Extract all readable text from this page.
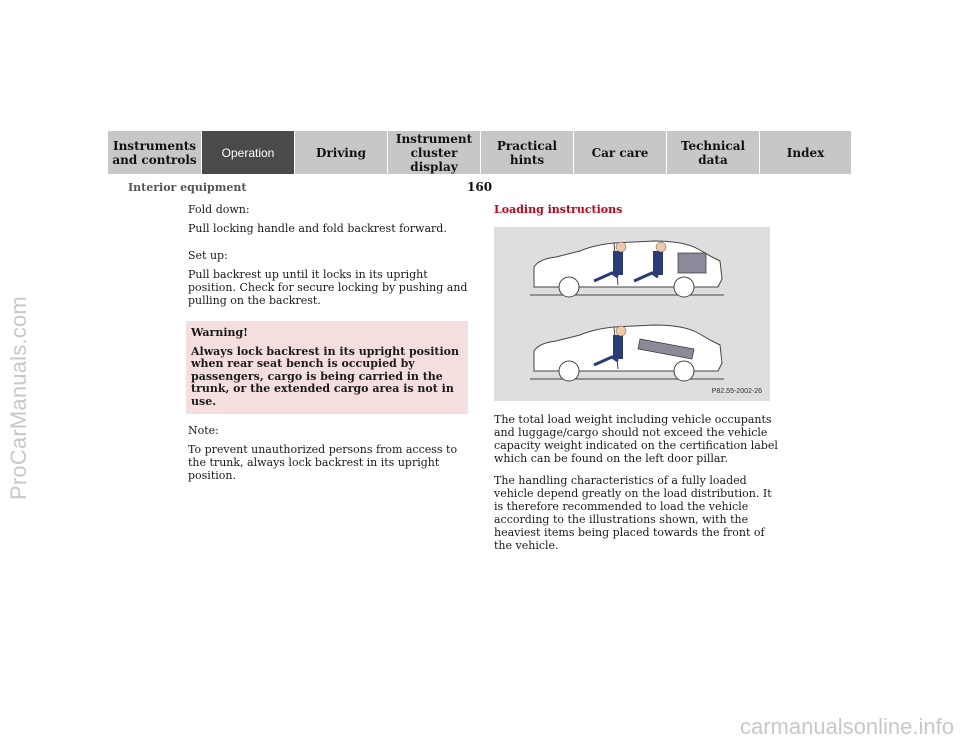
ProCarManuals.com
carmanualsonline.info
Instruments
and controls	Operation	Driving
Instrument
cluster display
Practical hints	Car care	Technical
data	Index
Interior equipment	160

Fold down:

Pull locking handle and fold backrest forward.

Set up:

Pull backrest up until it locks in its upright position. Check for secure locking by pushing and pulling on the backrest.

Warning!
Always lock backrest in its upright position when rear seat bench is occupied by passengers, cargo is being carried in the trunk, or the extended cargo area is not in use.

Note:

To prevent unauthorized persons from access to the trunk, always lock backrest in its upright position.

Loading instructions
P82.55-2002-26

The total load weight including vehicle occupants and luggage/cargo should not exceed the vehicle capacity weight indicated on the certification label which can be found on the left door pillar.

The handling characteristics of a fully loaded vehicle depend greatly on the load distribution. It is therefore recommended to load the vehicle according to the illustrations shown, with the heaviest items being placed towards the front of the vehicle.
